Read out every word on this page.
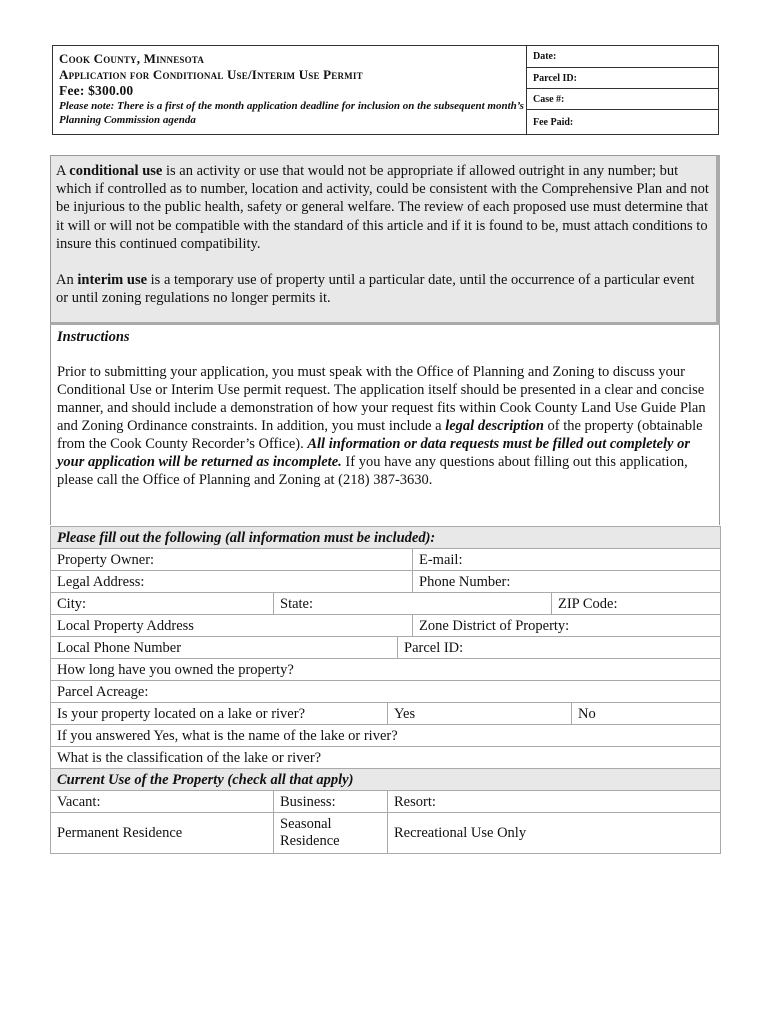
Cook County, Minnesota
Application for Conditional Use/Interim Use Permit
Fee: $300.00
Please note: There is a first of the month application deadline for inclusion on the subsequent month’s Planning Commission agenda
Date:
Parcel ID:
Case #:
Fee Paid:

A conditional use is an activity or use that would not be appropriate if allowed outright in any number; but which if controlled as to number, location and activity, could be consistent with the Comprehensive Plan and not be injurious to the public health, safety or general welfare. The review of each proposed use must determine that it will or will not be compatible with the standard of this article and if it is found to be, must attach conditions to insure this continued compatibility.

An interim use is a temporary use of property until a particular date, until the occurrence of a particular event or until zoning regulations no longer permits it.

Instructions

Prior to submitting your application, you must speak with the Office of Planning and Zoning to discuss your Conditional Use or Interim Use permit request. The application itself should be presented in a clear and concise manner, and should include a demonstration of how your request fits within Cook County Land Use Guide Plan and Zoning Ordinance constraints. In addition, you must include a legal description of the property (obtainable from the Cook County Recorder’s Office). All information or data requests must be filled out completely or your application will be returned as incomplete. If you have any questions about filling out this application, please call the Office of Planning and Zoning at (218) 387-3630.

Please fill out the following (all information must be included):						
Property Owner:				E-mail:		
Legal Address:				Phone Number:		
City:	State:				ZIP Code:	
Local Property Address				Zone District of Property:		
Local Phone Number			Parcel ID:			
How long have you owned the property?						
Parcel Acreage:						
Is your property located on a lake or river?		Yes				No
If you answered Yes, what is the name of the lake or river?						
What is the classification of the lake or river?						
Current Use of the Property (check all that apply)						
Vacant:	Business:	Resort:				
Permanent Residence	Seasonal Residence	Recreational Use Only				
